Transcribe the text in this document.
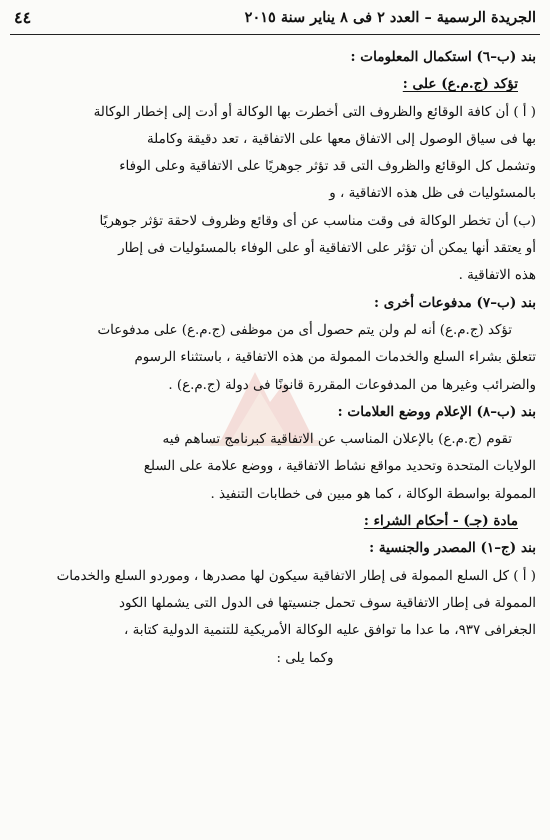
الجريدة الرسمية – العدد ٢ فى ٨ يناير سنة ٢٠١٥
٤٤
بند (ب–٦) استكمال المعلومات :
تؤكد (ج.م.ع) على :
( أ ) أن كافة الوقائع والظروف التى أخطرت بها الوكالة أو أدت إلى إخطار الوكالة
بها فى سياق الوصول إلى الاتفاق معها على الاتفاقية ، تعد دقيقة وكاملة
وتشمل كل الوقائع والظروف التى قد تؤثر جوهريًا على الاتفاقية وعلى الوفاء
بالمسئوليات فى ظل هذه الاتفاقية ، و
(ب) أن تخطر الوكالة فى وقت مناسب عن أى وقائع وظروف لاحقة تؤثر جوهريًا
أو يعتقد أنها يمكن أن تؤثر على الاتفاقية أو على الوفاء بالمسئوليات فى إطار
هذه الاتفاقية .
بند (ب–٧) مدفوعات أخرى :
تؤكد (ج.م.ع) أنه لم ولن يتم حصول أى من موظفى (ج.م.ع) على مدفوعات
تتعلق بشراء السلع والخدمات الممولة من هذه الاتفاقية ، باستثناء الرسوم
والضرائب وغيرها من المدفوعات المقررة قانونًا فى دولة (ج.م.ع) .
بند (ب–٨) الإعلام ووضع العلامات :
تقوم (ج.م.ع) بالإعلان المناسب عن الاتفاقية كبرنامج تساهم فيه
الولايات المتحدة وتحديد مواقع نشاط الاتفاقية ، ووضع علامة على السلع
الممولة بواسطة الوكالة ، كما هو مبين فى خطابات التنفيذ .
مادة (جـ) - أحكام الشراء :
بند (ج–١) المصدر والجنسية :
( أ ) كل السلع الممولة فى إطار الاتفاقية سيكون لها مصدرها ، وموردو السلع والخدمات
الممولة فى إطار الاتفاقية سوف تحمل جنسيتها فى الدول التى يشملها الكود
الجغرافى ٩٣٧، ما عدا ما توافق عليه الوكالة الأمريكية للتنمية الدولية كتابة ،
وكما يلى :
